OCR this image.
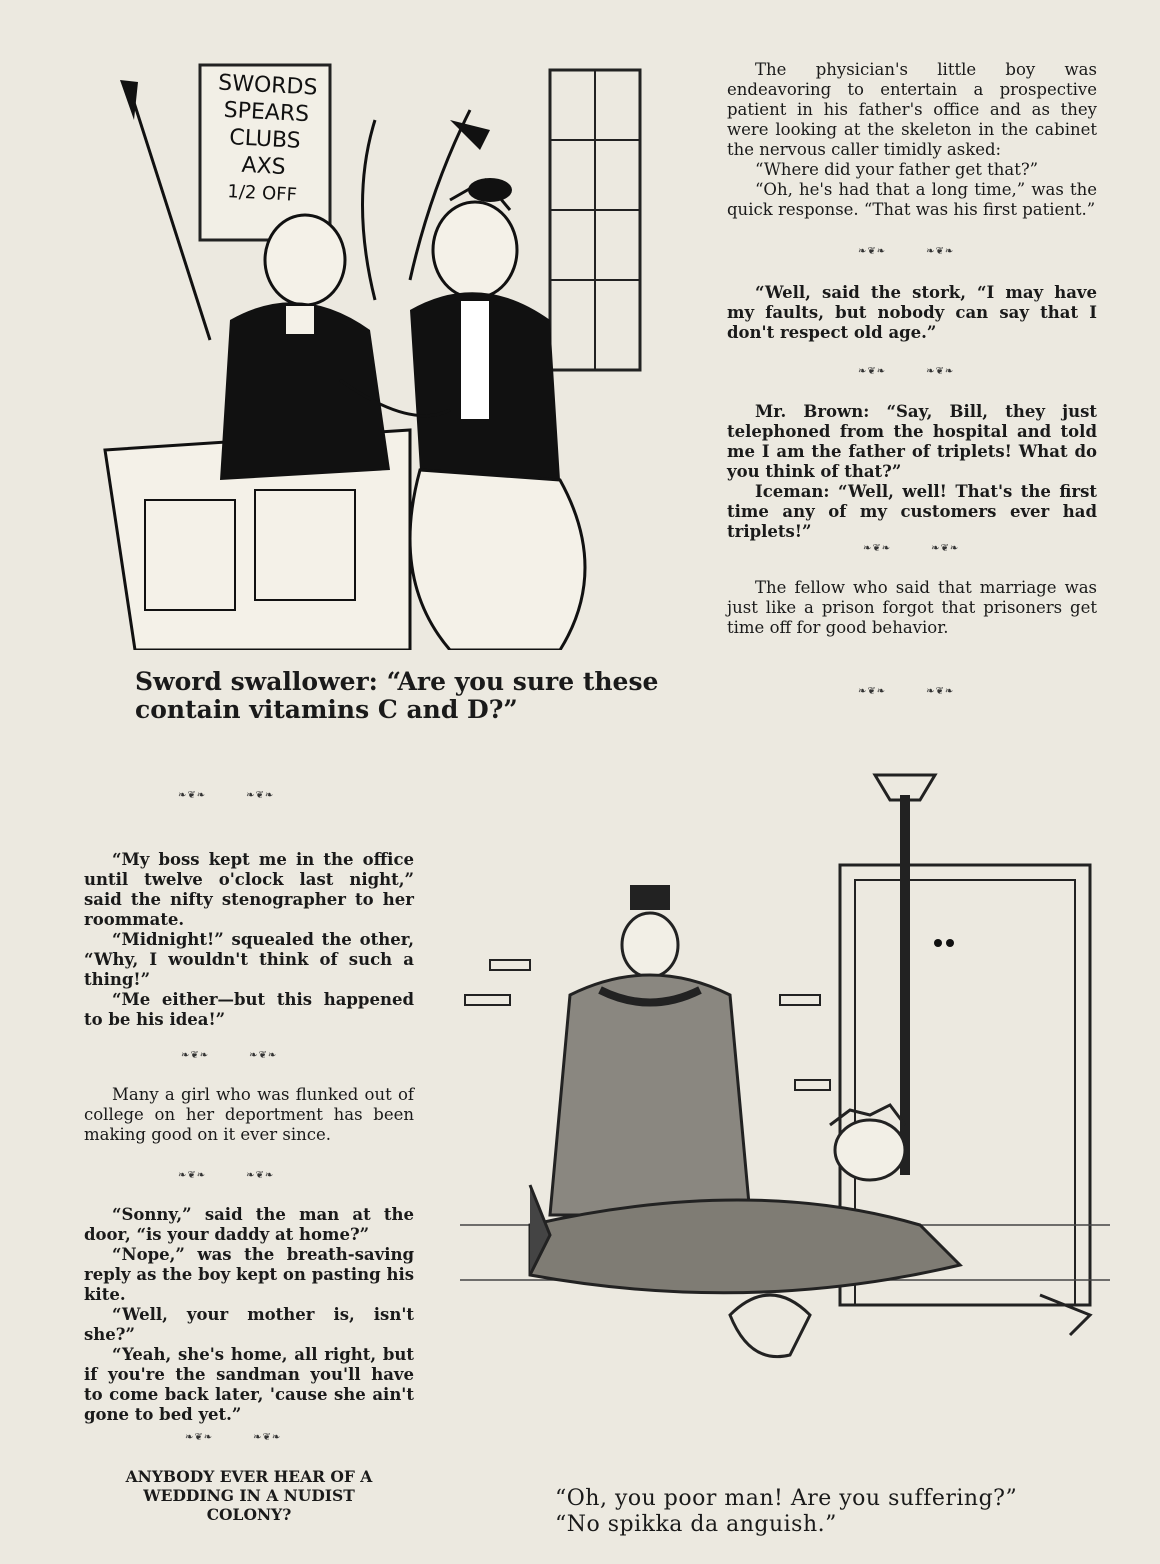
SWORDS
SPEARS
CLUBS
AXS
1/2 OFF

The physician's little boy was endeavoring to entertain a prospective patient in his father's office and as they were looking at the skeleton in the cabinet the nervous caller timidly asked:

“Where did your father get that?”

“Oh, he's had that a long time,” was the quick response. “That was his first patient.”

❧❦❧	❧❦❧

“Well, said the stork, “I may have my faults, but nobody can say that I don't respect old age.”

❧❦❧	❧❦❧

Mr. Brown: “Say, Bill, they just telephoned from the hospital and told me I am the father of triplets! What do you think of that?”

Iceman: “Well, well! That's the first time any of my customers ever had triplets!”

❧❦❧	❧❦❧

The fellow who said that marriage was just like a prison forgot that prisoners get time off for good behavior.

❧❦❧	❧❦❧
Sword swallower: “Are you sure these
contain vitamins C and D?”
❧❦❧	❧❦❧

“My boss kept me in the office until twelve o'clock last night,” said the nifty stenographer to her roommate.

“Midnight!” squealed the other, “Why, I wouldn't think of such a thing!”

“Me either—but this happened to be his idea!”

❧❦❧	❧❦❧

Many a girl who was flunked out of college on her deportment has been making good on it ever since.

❧❦❧	❧❦❧

“Sonny,” said the man at the door, “is your daddy at home?”

“Nope,” was the breath-saving reply as the boy kept on pasting his kite.

“Well, your mother is, isn't she?”

“Yeah, she's home, all right, but if you're the sandman you'll have to come back later, 'cause she ain't gone to bed yet.”

❧❦❧	❧❦❧
ANYBODY EVER HEAR OF A
WEDDING IN A NUDIST
COLONY?
“Oh, you poor man! Are you suffering?”
“No spikka da anguish.”
